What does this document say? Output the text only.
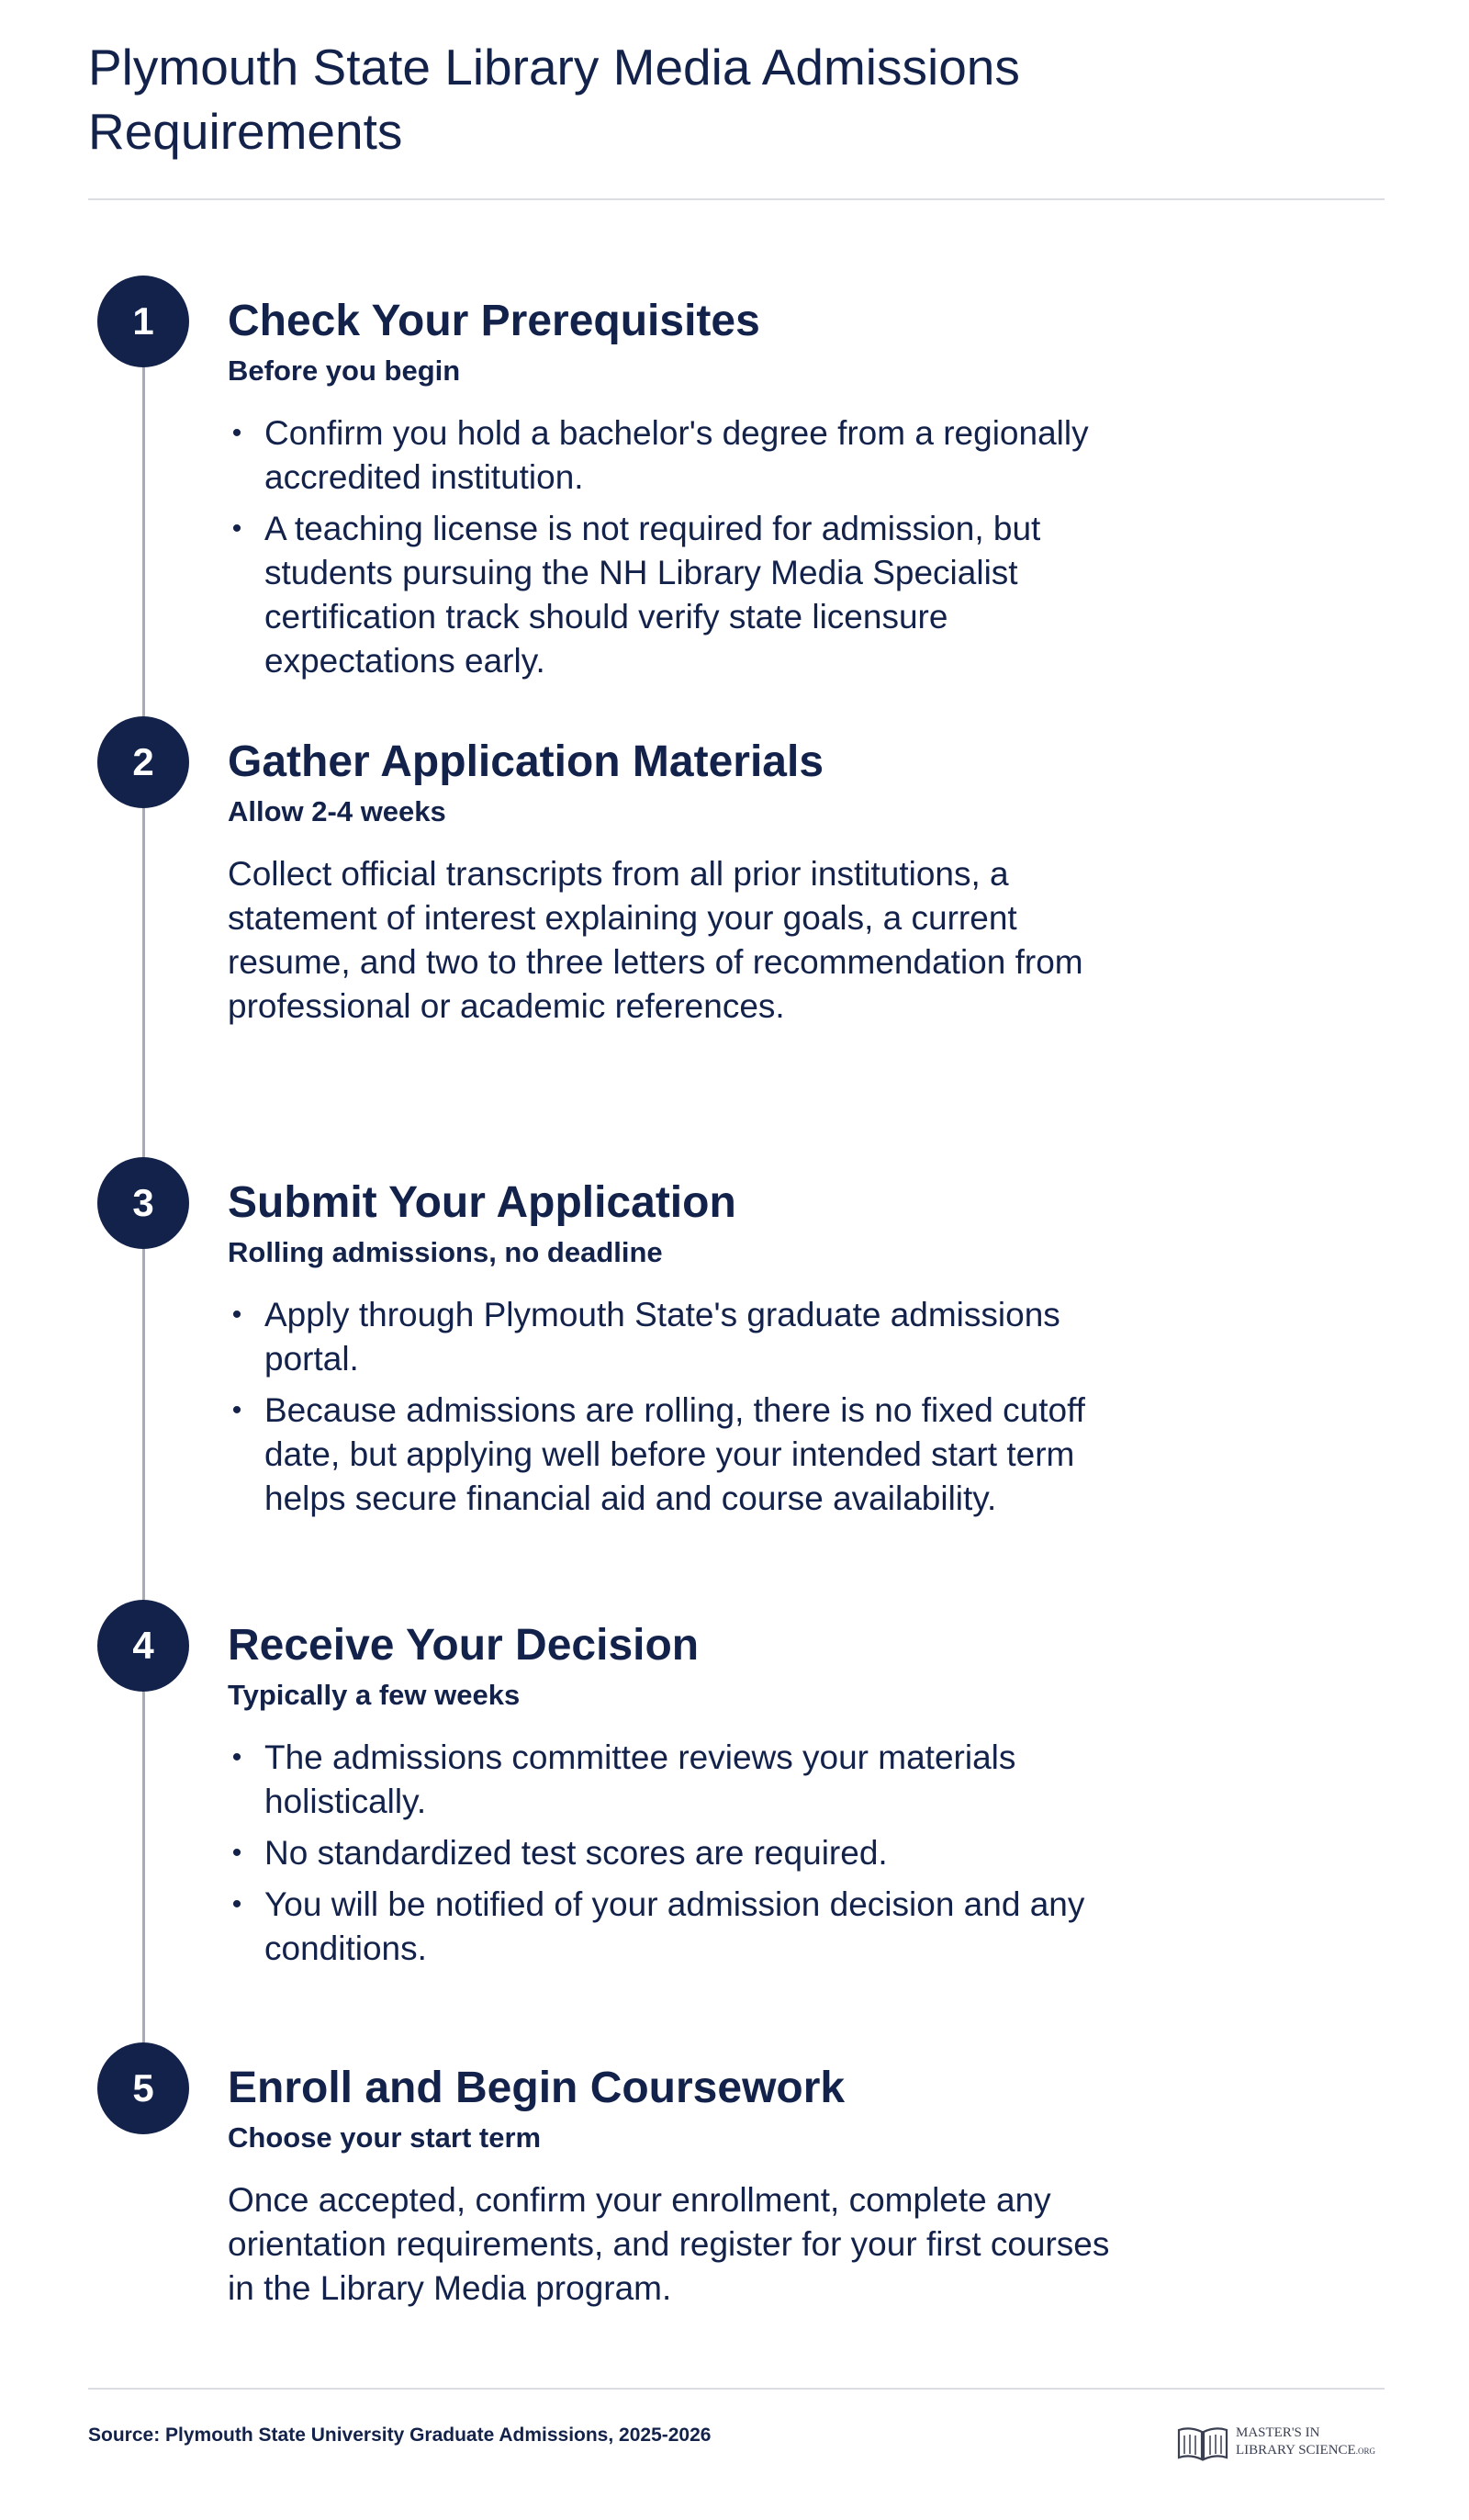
Plymouth State Library Media Admissions Requirements
1	Check Your Prerequisites
Before you begin
• Confirm you hold a bachelor's degree from a regionally accredited institution.
• A teaching license is not required for admission, but students pursuing the NH Library Media Specialist certification track should verify state licensure expectations early.
2	Gather Application Materials
Allow 2-4 weeks

Collect official transcripts from all prior institutions, a statement of interest explaining your goals, a current resume, and two to three letters of recommendation from professional or academic references.

3	Submit Your Application
Rolling admissions, no deadline
• Apply through Plymouth State's graduate admissions portal.
• Because admissions are rolling, there is no fixed cutoff date, but applying well before your intended start term helps secure financial aid and course availability.
4	Receive Your Decision
Typically a few weeks
• The admissions committee reviews your materials holistically.
• No standardized test scores are required.
• You will be notified of your admission decision and any conditions.
5	Enroll and Begin Coursework
Choose your start term

Once accepted, confirm your enrollment, complete any orientation requirements, and register for your first courses in the Library Media program.

Source: Plymouth State University Graduate Admissions, 2025-2026	MASTER'S IN
LIBRARY SCIENCE.ORG
